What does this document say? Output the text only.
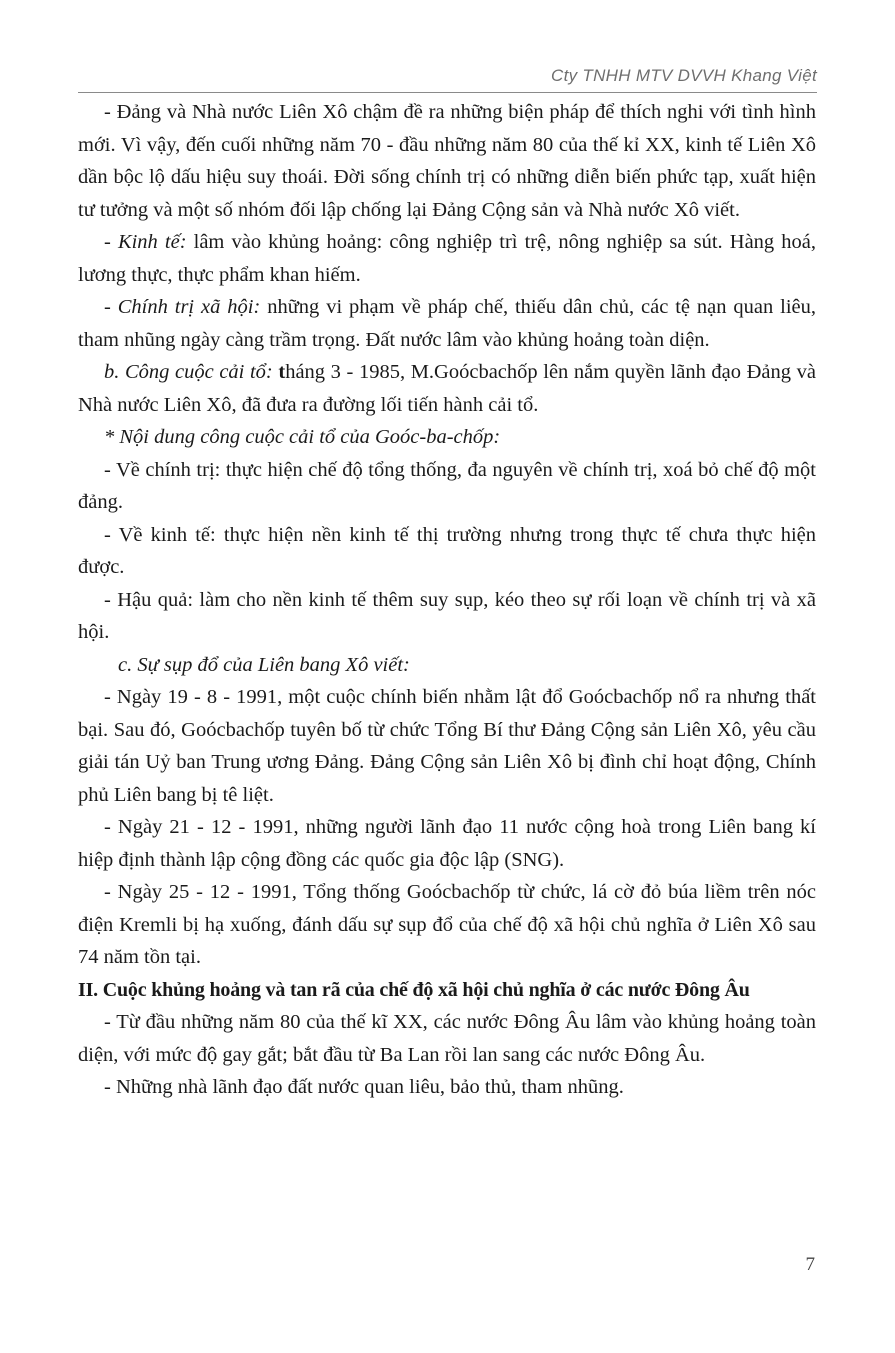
Cty TNHH MTV DVVH Khang Việt

- Đảng và Nhà nước Liên Xô chậm đề ra những biện pháp để thích nghi với tình hình mới. Vì vậy, đến cuối những năm 70 - đầu những năm 80 của thế kỉ XX, kinh tế Liên Xô dần bộc lộ dấu hiệu suy thoái. Đời sống chính trị có những diễn biến phức tạp, xuất hiện tư tưởng và một số nhóm đối lập chống lại Đảng Cộng sản và Nhà nước Xô viết.

- Kinh tế: lâm vào khủng hoảng: công nghiệp trì trệ, nông nghiệp sa sút. Hàng hoá, lương thực, thực phẩm khan hiếm.

- Chính trị xã hội: những vi phạm về pháp chế, thiếu dân chủ, các tệ nạn quan liêu, tham nhũng ngày càng trầm trọng. Đất nước lâm vào khủng hoảng toàn diện.

b. Công cuộc cải tổ: tháng 3 - 1985, M.Goócbachốp lên nắm quyền lãnh đạo Đảng và Nhà nước Liên Xô, đã đưa ra đường lối tiến hành cải tổ.

* Nội dung công cuộc cải tổ của Goóc-ba-chốp:

- Về chính trị: thực hiện chế độ tổng thống, đa nguyên về chính trị, xoá bỏ chế độ một đảng.

- Về kinh tế: thực hiện nền kinh tế thị trường nhưng trong thực tế chưa thực hiện được.

- Hậu quả: làm cho nền kinh tế thêm suy sụp, kéo theo sự rối loạn về chính trị và xã hội.

c. Sự sụp đổ của Liên bang Xô viết:

- Ngày 19 - 8 - 1991, một cuộc chính biến nhằm lật đổ Goócbachốp nổ ra nhưng thất bại. Sau đó, Goócbachốp tuyên bố từ chức Tổng Bí thư Đảng Cộng sản Liên Xô, yêu cầu giải tán Uỷ ban Trung ương Đảng. Đảng Cộng sản Liên Xô bị đình chỉ hoạt động, Chính phủ Liên bang bị tê liệt.

- Ngày 21 - 12 - 1991, những người lãnh đạo 11 nước cộng hoà trong Liên bang kí hiệp định thành lập cộng đồng các quốc gia độc lập (SNG).

- Ngày 25 - 12 - 1991, Tổng thống Goócbachốp từ chức, lá cờ đỏ búa liềm trên nóc điện Kremli bị hạ xuống, đánh dấu sự sụp đổ của chế độ xã hội chủ nghĩa ở Liên Xô sau 74 năm tồn tại.

II. Cuộc khủng hoảng và tan rã của chế độ xã hội chủ nghĩa ở các nước Đông Âu

- Từ đầu những năm 80 của thế kĩ XX, các nước Đông Âu lâm vào khủng hoảng toàn diện, với mức độ gay gắt; bắt đầu từ Ba Lan rồi lan sang các nước Đông Âu.

- Những nhà lãnh đạo đất nước quan liêu, bảo thủ, tham nhũng.

7
